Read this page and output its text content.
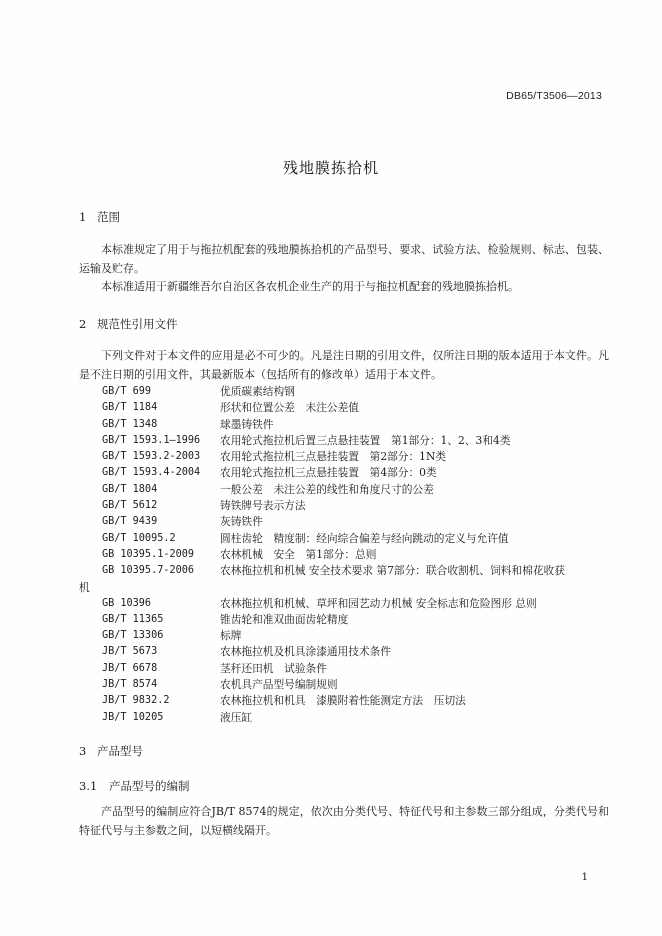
DB65/T3506—2013
残地膜拣拾机
1 范围
本标准规定了用于与拖拉机配套的残地膜拣拾机的产品型号、要求、试验方法、检验规则、标志、包装、运输及贮存。
本标准适用于新疆维吾尔自治区各农机企业生产的用于与拖拉机配套的残地膜拣拾机。
2 规范性引用文件
下列文件对于本文件的应用是必不可少的。凡是注日期的引用文件，仅所注日期的版本适用于本文件。凡是不注日期的引用文件，其最新版本（包括所有的修改单）适用于本文件。
GB/T 699	优质碳素结构钢
GB/T 1184	形状和位置公差　未注公差值
GB/T 1348	球墨铸铁件
GB/T 1593.1—1996	农用轮式拖拉机后置三点悬挂装置　第1部分：1、2、3和4类
GB/T 1593.2-2003	农用轮式拖拉机三点悬挂装置　第2部分：1N类
GB/T 1593.4-2004	农用轮式拖拉机三点悬挂装置　第4部分：0类
GB/T 1804	一般公差　未注公差的线性和角度尺寸的公差
GB/T 5612	铸铁牌号表示方法
GB/T 9439	灰铸铁件
GB/T 10095.2	圆柱齿轮　精度制：经向综合偏差与经向跳动的定义与允许值
GB 10395.1-2009	农林机械　安全　第1部分：总则
GB 10395.7-2006	农林拖拉机和机械 安全技术要求 第7部分：联合收割机、饲料和棉花收获
机
GB 10396	农林拖拉机和机械、草坪和园艺动力机械 安全标志和危险图形 总则
GB/T 11365	锥齿轮和准双曲面齿轮精度
GB/T 13306	标牌
JB/T 5673	农林拖拉机及机具涂漆通用技术条件
JB/T 6678	茎秆还田机　试验条件
JB/T 8574	农机具产品型号编制规则
JB/T 9832.2	农林拖拉机和机具　漆膜附着性能测定方法　压切法
JB/T 10205	液压缸
3 产品型号
3.1 产品型号的编制
产品型号的编制应符合JB/T 8574的规定，依次由分类代号、特征代号和主参数三部分组成，分类代号和特征代号与主参数之间，以短横线隔开。
1
